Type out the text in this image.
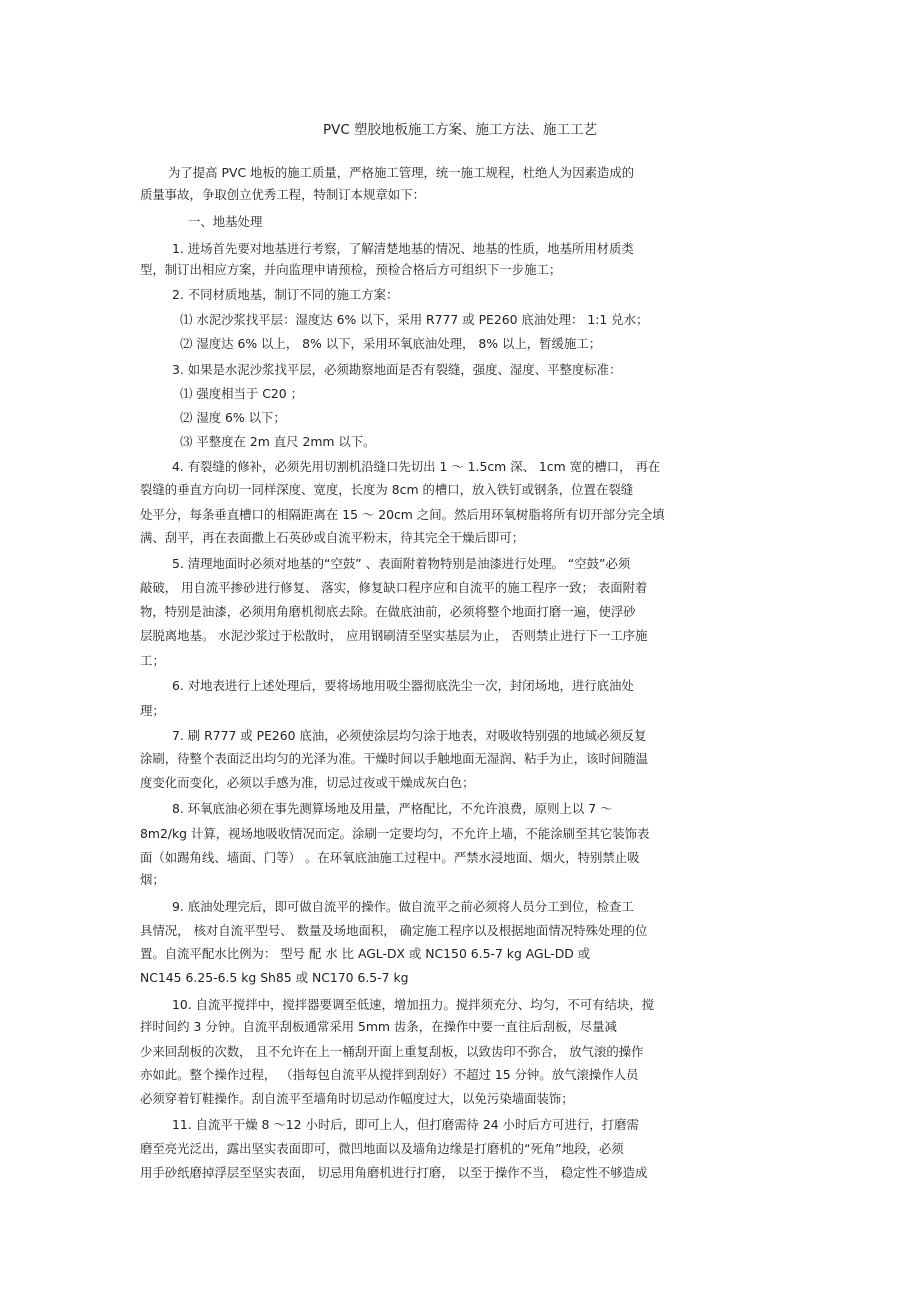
PVC 塑胶地板施工方案、施工方法、施工工艺
为了提高 PVC 地板的施工质量，严格施工管理，统一施工规程，杜绝人为因素造成的
质量事故，争取创立优秀工程，特制订本规章如下：
一、地基处理
1. 进场首先要对地基进行考察，了解清楚地基的情况、地基的性质，地基所用材质类
型，制订出相应方案，并向监理申请预检，预检合格后方可组织下一步施工；
2. 不同材质地基，制订不同的施工方案：
⑴ 水泥沙浆找平层：湿度达 6% 以下，采用 R777 或 PE260 底油处理： 1:1 兑水；
⑵ 湿度达 6% 以上， 8% 以下，采用环氧底油处理， 8% 以上，暂缓施工；
3. 如果是水泥沙浆找平层，必须勘察地面是否有裂缝，强度、湿度、平整度标准：
⑴ 强度相当于 C20 ；
⑵ 湿度 6% 以下；
⑶ 平整度在 2m 直尺 2mm 以下。
4. 有裂缝的修补，必须先用切割机沿缝口先切出 1 ～ 1.5cm 深、 1cm 宽的槽口， 再在
裂缝的垂直方向切一同样深度、宽度，长度为 8cm 的槽口，放入铁钉或钢条，位置在裂缝
处平分，每条垂直槽口的相隔距离在 15 ～ 20cm 之间。然后用环氧树脂将所有切开部分完全填
满、刮平，再在表面撒上石英砂或自流平粉末，待其完全干燥后即可；
5. 清理地面时必须对地基的“空鼓” 、表面附着物特别是油漆进行处理。 “空鼓”必须
敲破， 用自流平掺砂进行修复、 落实，修复缺口程序应和自流平的施工程序一致； 表面附着
物，特别是油漆，必须用角磨机彻底去除。在做底油前，必须将整个地面打磨一遍，使浮砂
层脱离地基。 水泥沙浆过于松散时， 应用钢刷清至坚实基层为止， 否则禁止进行下一工序施
工；
6. 对地表进行上述处理后，要将场地用吸尘器彻底洗尘一次，封闭场地，进行底油处
理；
7. 刷 R777 或 PE260 底油，必须使涂层均匀涂于地表，对吸收特别强的地域必须反复
涂刷，待整个表面泛出均匀的光泽为准。干燥时间以手触地面无湿润、粘手为止，该时间随温
度变化而变化，必须以手感为准，切忌过夜或干燥成灰白色；
8. 环氧底油必须在事先测算场地及用量，严格配比，不允许浪费，原则上以 7 ～
8m2/kg 计算，视场地吸收情况而定。涂刷一定要均匀，不允许上墙，不能涂刷至其它装饰表
面（如踢角线、墙面、门等） 。在环氧底油施工过程中。严禁水浸地面、烟火，特别禁止吸
烟；
9. 底油处理完后，即可做自流平的操作。做自流平之前必须将人员分工到位，检查工
具情况， 核对自流平型号、 数量及场地面积， 确定施工程序以及根据地面情况特殊处理的位
置。自流平配水比例为： 型号 配 水 比 AGL-DX 或 NC150 6.5-7 kg AGL-DD 或
NC145 6.25-6.5 kg Sh85 或 NC170 6.5-7 kg
10. 自流平搅拌中，搅拌器要调至低速，增加扭力。搅拌须充分、均匀，不可有结块，搅
拌时间约 3 分钟。自流平刮板通常采用 5mm 齿条，在操作中要一直往后刮板，尽量减
少来回刮板的次数， 且不允许在上一桶刮开面上重复刮板，以致齿印不弥合， 放气滚的操作
亦如此。整个操作过程， （指每包自流平从搅拌到刮好）不超过 15 分钟。放气滚操作人员
必须穿着钉鞋操作。刮自流平至墙角时切忌动作幅度过大，以免污染墙面装饰；
11. 自流平干燥 8 ～12 小时后，即可上人，但打磨需待 24 小时后方可进行，打磨需
磨至亮光泛出，露出坚实表面即可，微凹地面以及墙角边缘是打磨机的“死角”地段，必须
用手砂纸磨掉浮层至坚实表面， 切忌用角磨机进行打磨， 以至于操作不当， 稳定性不够造成
